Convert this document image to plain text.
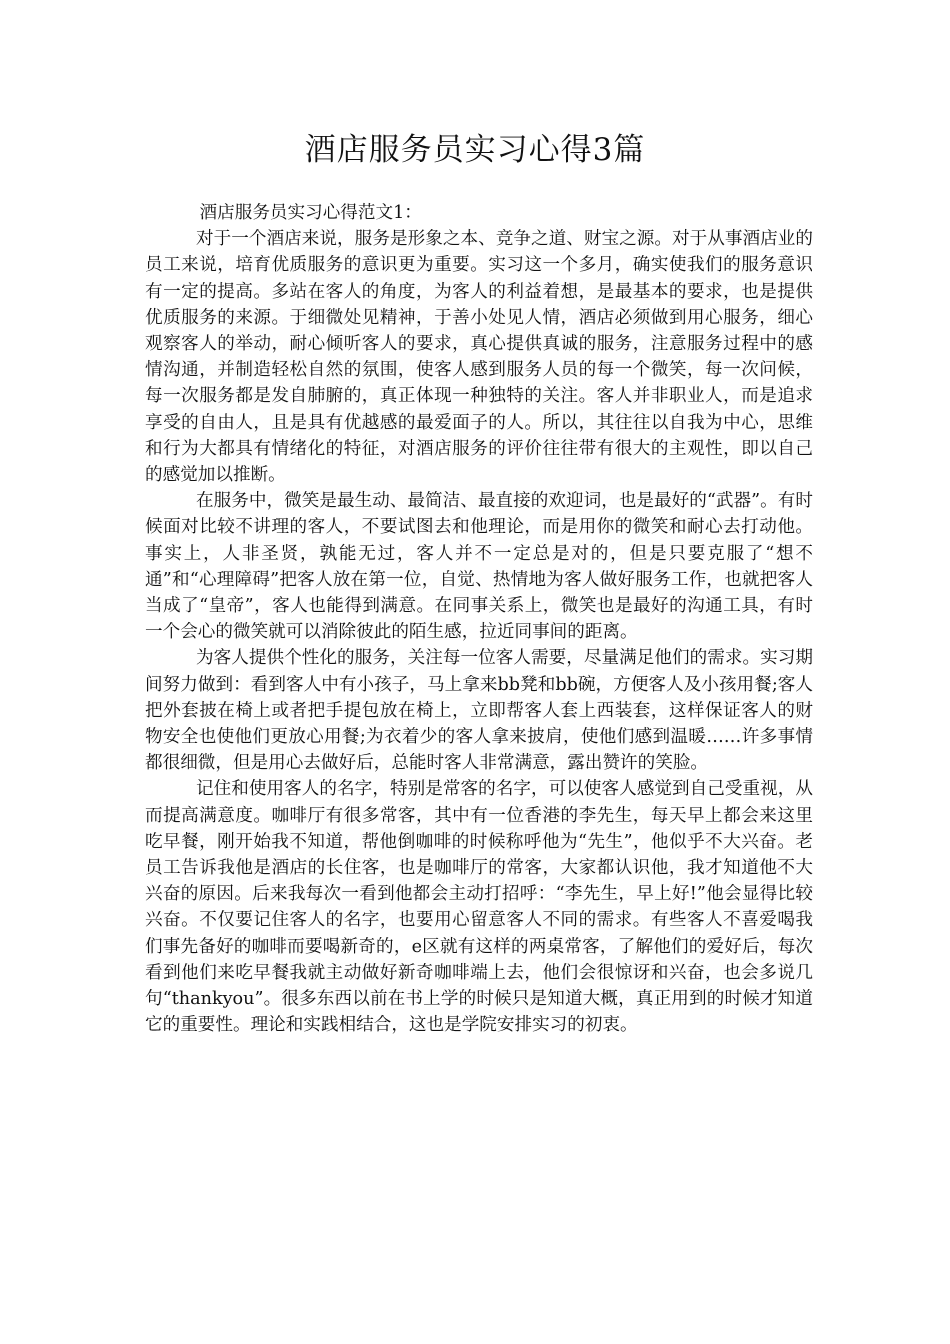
酒店服务员实习心得3篇

酒店服务员实习心得范文1：

对于一个酒店来说，服务是形象之本、竞争之道、财宝之源。对于从事酒店业的员工来说，培育优质服务的意识更为重要。实习这一个多月，确实使我们的服务意识有一定的提高。多站在客人的角度，为客人的利益着想，是最基本的要求，也是提供优质服务的来源。于细微处见精神，于善小处见人情，酒店必须做到用心服务，细心观察客人的举动，耐心倾听客人的要求，真心提供真诚的服务，注意服务过程中的感情沟通，并制造轻松自然的氛围，使客人感到服务人员的每一个微笑，每一次问候，每一次服务都是发自肺腑的，真正体现一种独特的关注。客人并非职业人，而是追求享受的自由人，且是具有优越感的最爱面子的人。所以，其往往以自我为中心，思维和行为大都具有情绪化的特征，对酒店服务的评价往往带有很大的主观性，即以自己的感觉加以推断。

在服务中，微笑是最生动、最简洁、最直接的欢迎词，也是最好的“武器”。有时候面对比较不讲理的客人，不要试图去和他理论，而是用你的微笑和耐心去打动他。事实上，人非圣贤，孰能无过，客人并不一定总是对的，但是只要克服了“想不通”和“心理障碍”把客人放在第一位，自觉、热情地为客人做好服务工作，也就把客人当成了“皇帝”，客人也能得到满意。在同事关系上，微笑也是最好的沟通工具，有时一个会心的微笑就可以消除彼此的陌生感，拉近同事间的距离。

为客人提供个性化的服务，关注每一位客人需要，尽量满足他们的需求。实习期间努力做到：看到客人中有小孩子，马上拿来bb凳和bb碗，方便客人及小孩用餐;客人把外套披在椅上或者把手提包放在椅上，立即帮客人套上西装套，这样保证客人的财物安全也使他们更放心用餐;为衣着少的客人拿来披肩，使他们感到温暖……许多事情都很细微，但是用心去做好后，总能时客人非常满意，露出赞许的笑脸。

记住和使用客人的名字，特别是常客的名字，可以使客人感觉到自己受重视，从而提高满意度。咖啡厅有很多常客，其中有一位香港的李先生，每天早上都会来这里吃早餐，刚开始我不知道，帮他倒咖啡的时候称呼他为“先生”，他似乎不大兴奋。老员工告诉我他是酒店的长住客，也是咖啡厅的常客，大家都认识他，我才知道他不大兴奋的原因。后来我每次一看到他都会主动打招呼：“李先生，早上好!”他会显得比较兴奋。不仅要记住客人的名字，也要用心留意客人不同的需求。有些客人不喜爱喝我们事先备好的咖啡而要喝新奇的，e区就有这样的两桌常客，了解他们的爱好后，每次看到他们来吃早餐我就主动做好新奇咖啡端上去，他们会很惊讶和兴奋，也会多说几句“thankyou”。很多东西以前在书上学的时候只是知道大概，真正用到的时候才知道它的重要性。理论和实践相结合，这也是学院安排实习的初衷。
